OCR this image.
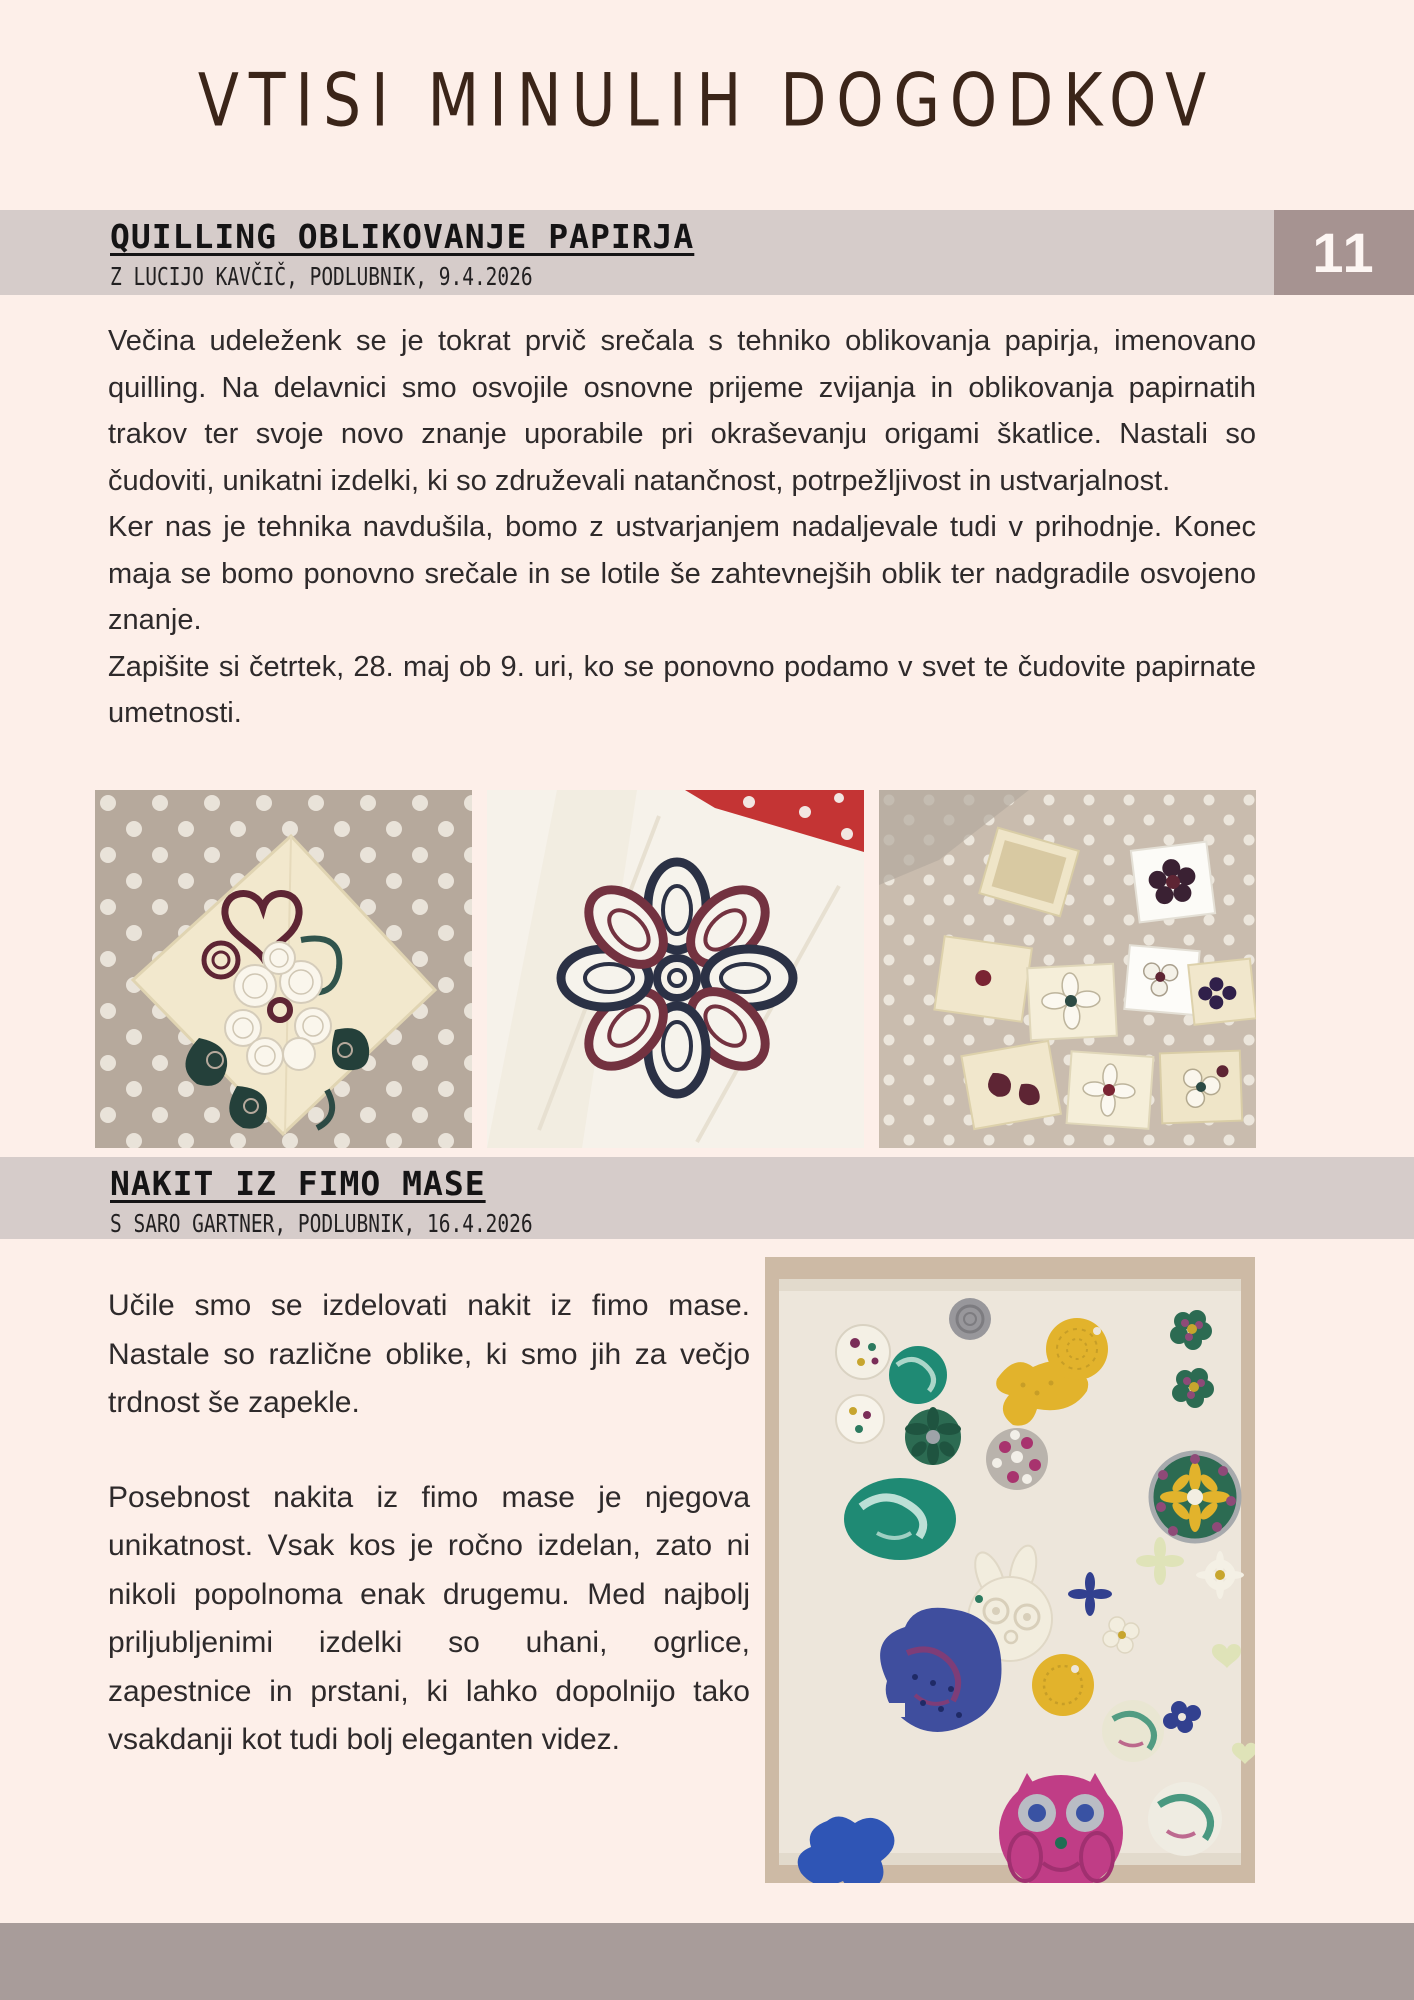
VTISI MINULIH DOGODKOV
QUILLING OBLIKOVANJE PAPIRJA
Z LUCIJO KAVČIČ, PODLUBNIK, 9.4.2026	11

Večina udeleženk se je tokrat prvič srečala s tehniko oblikovanja papirja, imenovano quilling. Na delavnici smo osvojile osnovne prijeme zvijanja in oblikovanja papirnatih trakov ter svoje novo znanje uporabile pri okraševanju origami škatlice. Nastali so čudoviti, unikatni izdelki, ki so združevali natančnost, potrpežljivost in ustvarjalnost.

Ker nas je tehnika navdušila, bomo z ustvarjanjem nadaljevale tudi v prihodnje. Konec maja se bomo ponovno srečale in se lotile še zahtevnejših oblik ter nadgradile osvojeno znanje.

Zapišite si četrtek, 28. maj ob 9. uri, ko se ponovno podamo v svet te čudovite papirnate umetnosti.

NAKIT IZ FIMO MASE
S SARO GARTNER, PODLUBNIK, 16.4.2026

Učile smo se izdelovati nakit iz fimo mase. Nastale so različne oblike, ki smo jih za večjo trdnost še zapekle.

Posebnost nakita iz fimo mase je njegova unikatnost. Vsak kos je ročno izdelan, zato ni nikoli popolnoma enak drugemu. Med najbolj priljubljenimi izdelki so uhani, ogrlice, zapestnice in prstani, ki lahko dopolnijo tako vsakdanji kot tudi bolj eleganten videz.
